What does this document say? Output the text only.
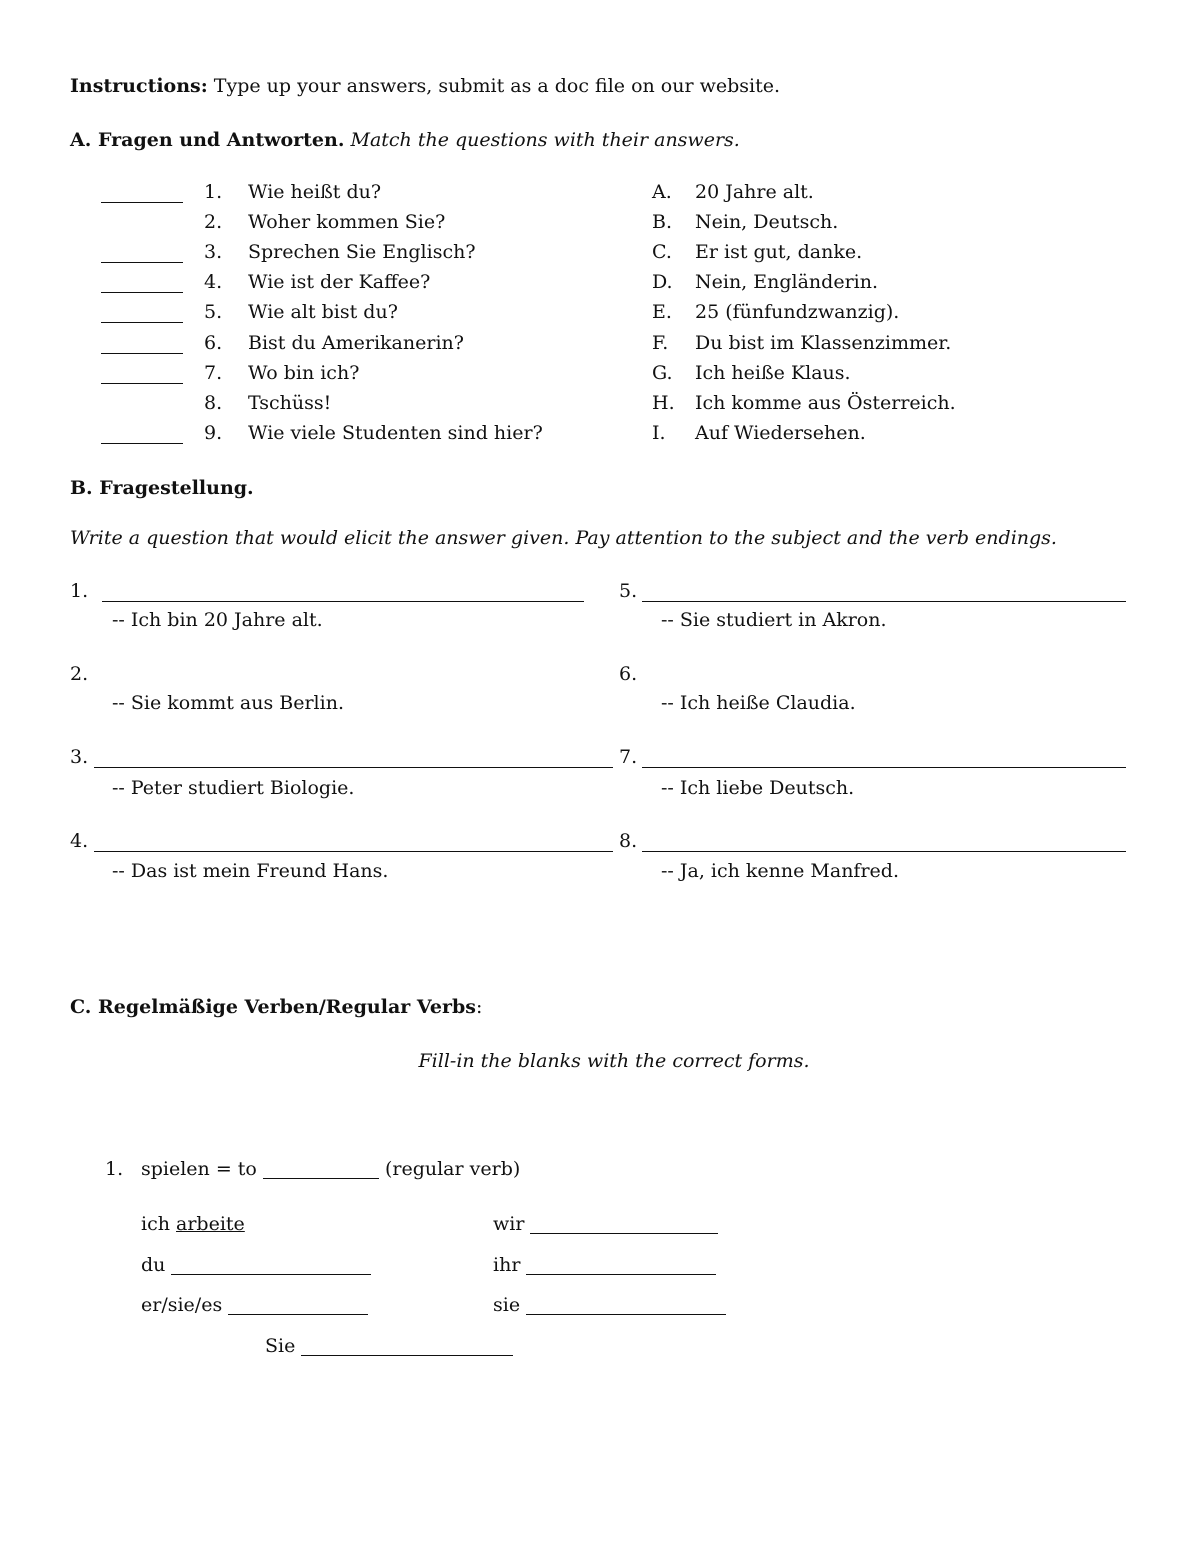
Instructions: Type up your answers, submit as a doc file on our website.
A. Fragen und Antworten. Match the questions with their answers.
1. Wie heißt du?
2. Woher kommen Sie?
3. Sprechen Sie Englisch?
4. Wie ist der Kaffee?
5. Wie alt bist du?
6. Bist du Amerikanerin?
7. Wo bin ich?
8. Tschüss!
9. Wie viele Studenten sind hier?
A. 20 Jahre alt.
B. Nein, Deutsch.
C. Er ist gut, danke.
D. Nein, Engländerin.
E. 25 (fünfundzwanzig).
F. Du bist im Klassenzimmer.
G. Ich heiße Klaus.
H. Ich komme aus Österreich.
I. Auf Wiedersehen.
B. Fragestellung.
Write a question that would elicit the answer given. Pay attention to the subject and the verb endings.
1.
-- Ich bin 20 Jahre alt.
2.
-- Sie kommt aus Berlin.
3.
-- Peter studiert Biologie.
4.
-- Das ist mein Freund Hans.
5.
-- Sie studiert in Akron.
6.
-- Ich heiße Claudia.
7.
-- Ich liebe Deutsch.
8.
-- Ja, ich kenne Manfred.
C. Regelmäßige Verben/Regular Verbs:
Fill-in the blanks with the correct forms.
1. spielen = to	(regular verb)
ich arbeite
du
er/sie/es
wir
ihr
sie
Sie
